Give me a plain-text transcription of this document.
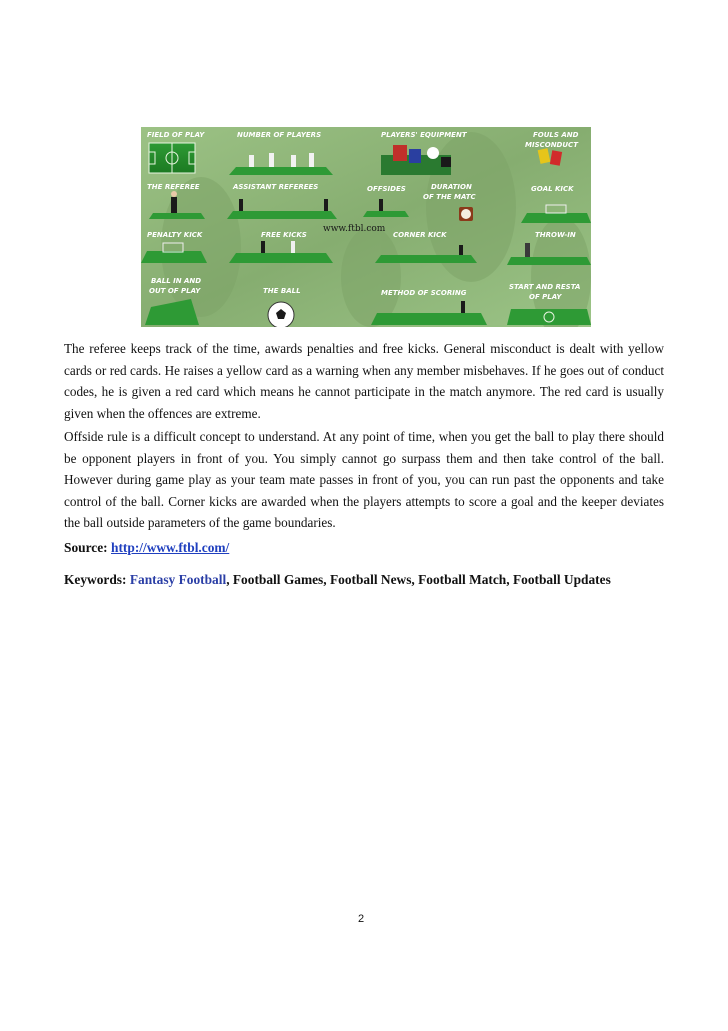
FIELD OF PLAY	NUMBER OF PLAYERS	PLAYERS' EQUIPMENT	FOULS AND
MISCONDUCT
THE REFEREE	ASSISTANT REFEREES	OFFSIDES	DURATION
OF THE MATC
GOAL KICK
www.ftbl.com
PENALTY KICK	FREE KICKS	CORNER KICK	THROW-IN
BALL IN AND
OUT OF PLAY	THE BALL	METHOD OF SCORING
START AND RESTA
OF PLAY

The referee keeps track of the time, awards penalties and free kicks. General misconduct is dealt with yellow cards or red cards. He raises a yellow card as a warning when any member misbehaves. If he goes out of conduct codes, he is given a red card which means he cannot participate in the match anymore. The red card is usually given when the offences are extreme.

Offside rule is a difficult concept to understand. At any point of time, when you get the ball to play there should be opponent players in front of you. You simply cannot go surpass them and then take control of the ball. However during game play as your team mate passes in front of you, you can run past the opponents and take control of the ball. Corner kicks are awarded when the players attempts to score a goal and the keeper deviates the ball outside parameters of the game boundaries.

Source: http://www.ftbl.com/

Keywords: Fantasy Football, Football Games, Football News, Football Match, Football Updates

2
